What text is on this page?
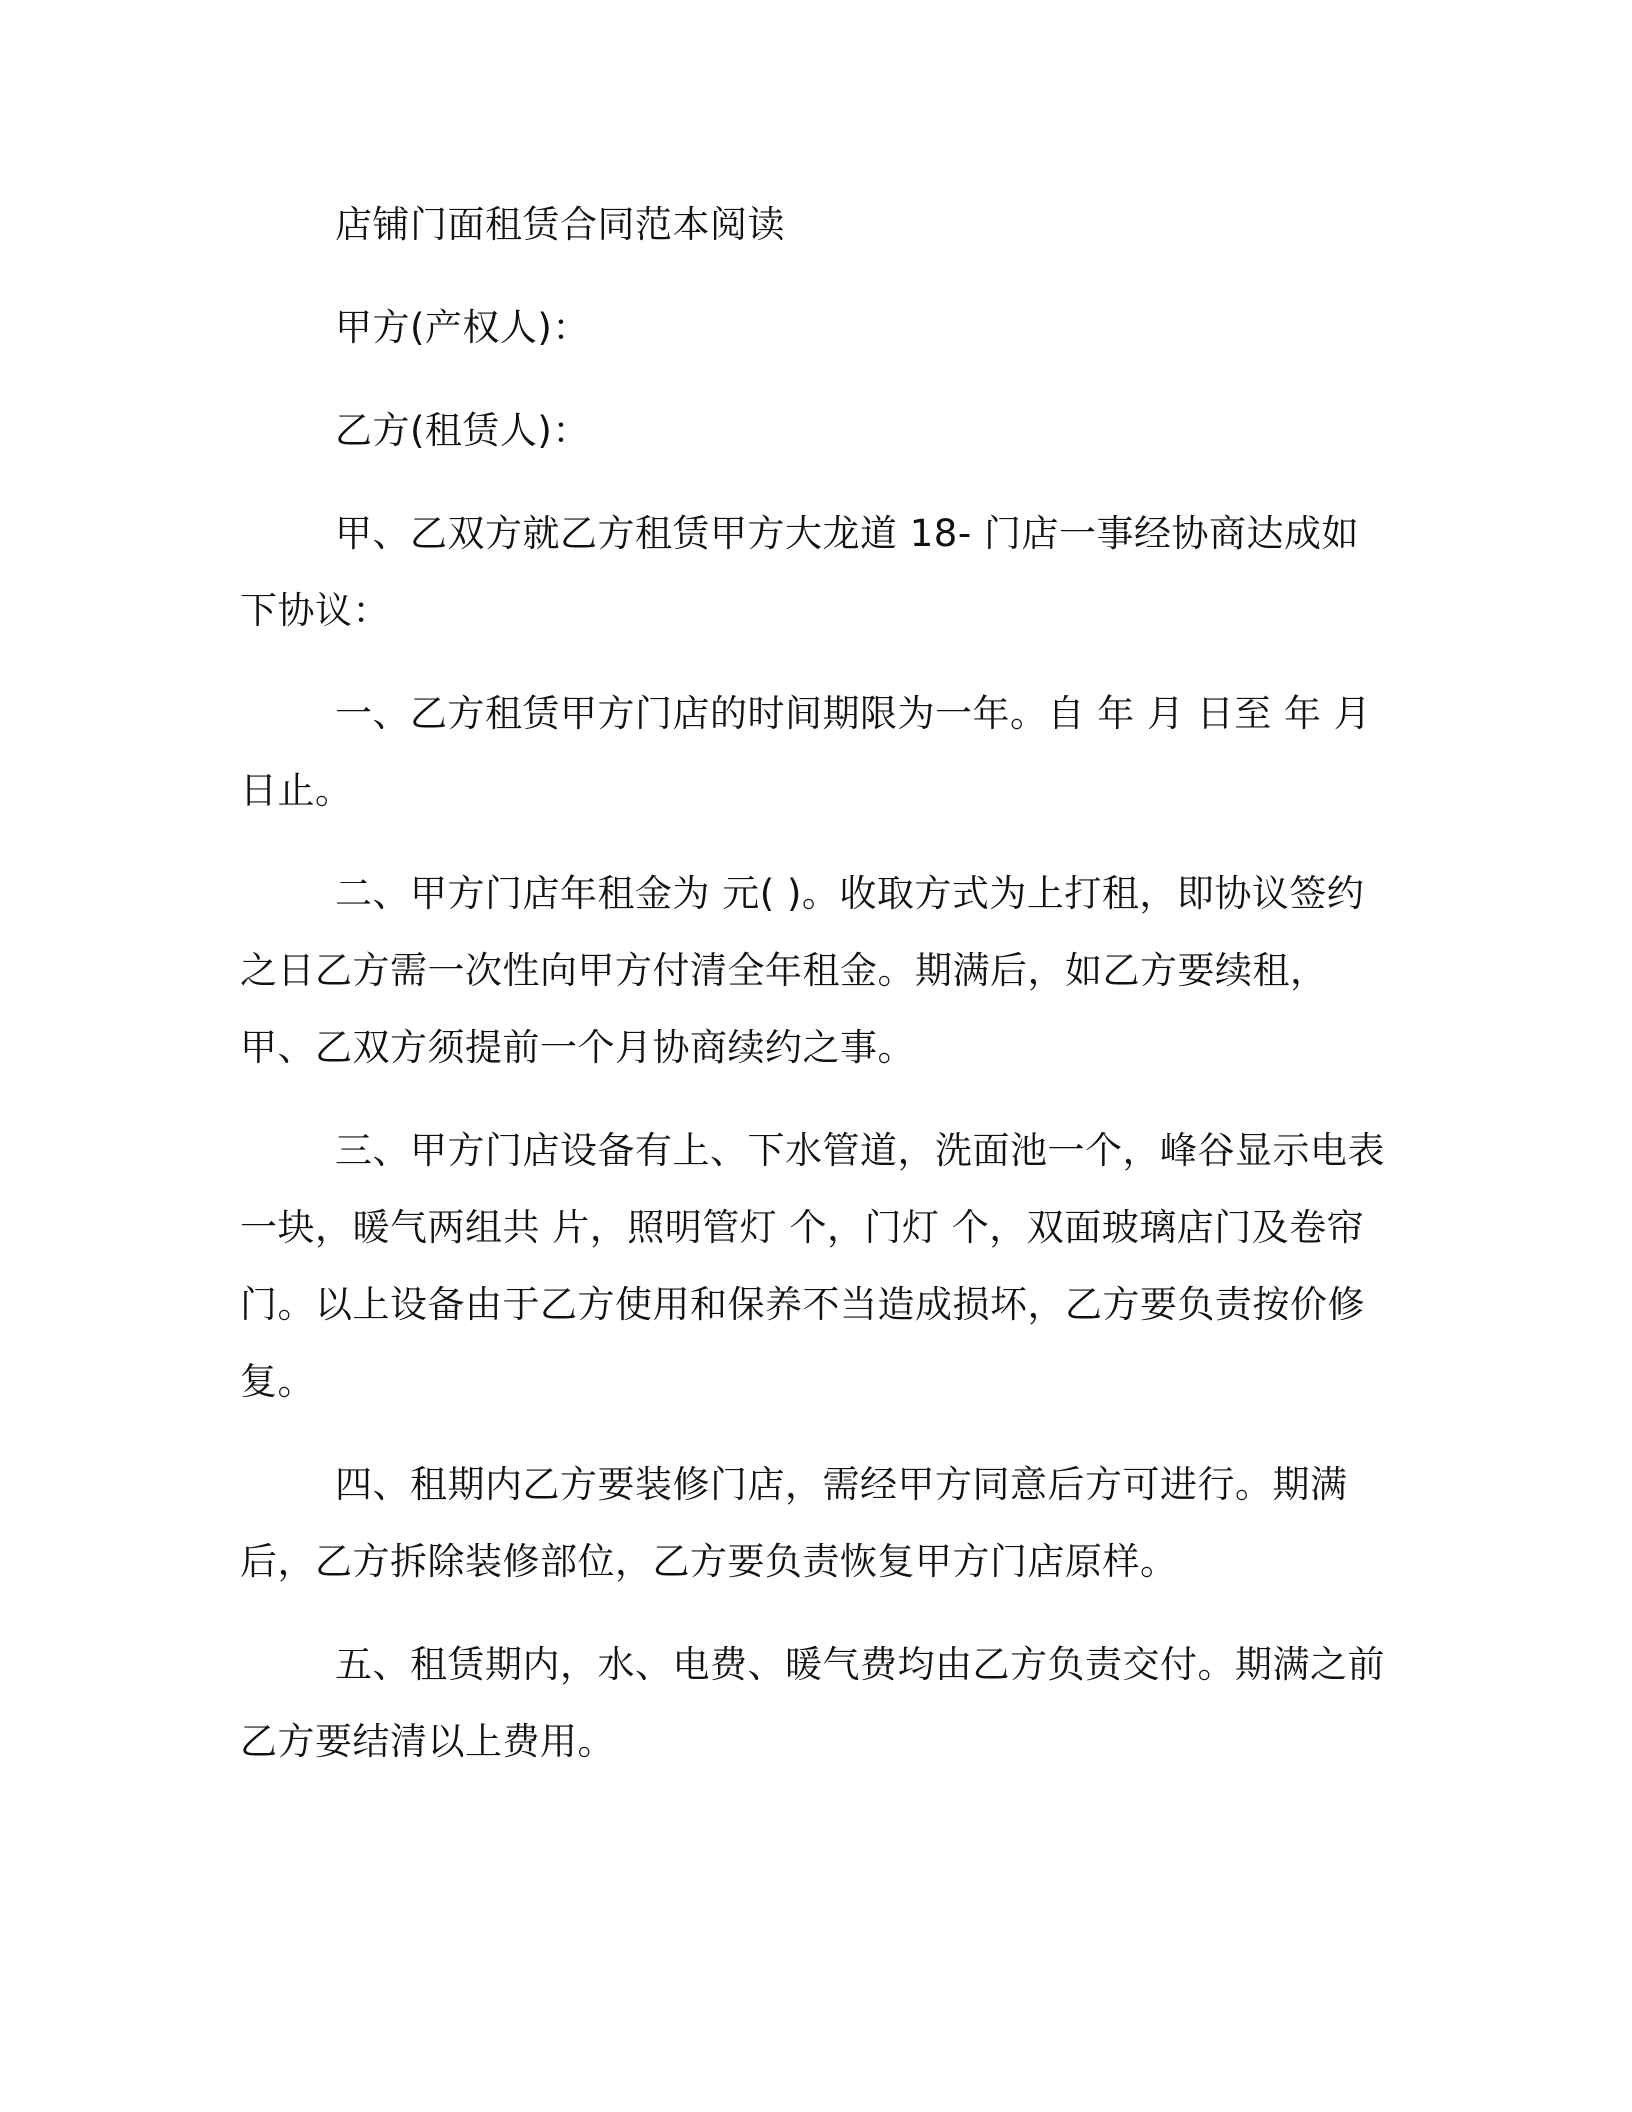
店铺门面租赁合同范本阅读

甲方(产权人)：

乙方(租赁人)：

甲、乙双方就乙方租赁甲方大龙道 18- 门店一事经协商达成如下协议：

一、乙方租赁甲方门店的时间期限为一年。自 年 月 日至 年 月 日止。

二、甲方门店年租金为 元( )。收取方式为上打租，即协议签约之日乙方需一次性向甲方付清全年租金。期满后，如乙方要续租，甲、乙双方须提前一个月协商续约之事。

三、甲方门店设备有上、下水管道，洗面池一个，峰谷显示电表一块，暖气两组共 片，照明管灯 个，门灯 个，双面玻璃店门及卷帘门。以上设备由于乙方使用和保养不当造成损坏，乙方要负责按价修复。

四、租期内乙方要装修门店，需经甲方同意后方可进行。期满后，乙方拆除装修部位，乙方要负责恢复甲方门店原样。

五、租赁期内，水、电费、暖气费均由乙方负责交付。期满之前乙方要结清以上费用。
